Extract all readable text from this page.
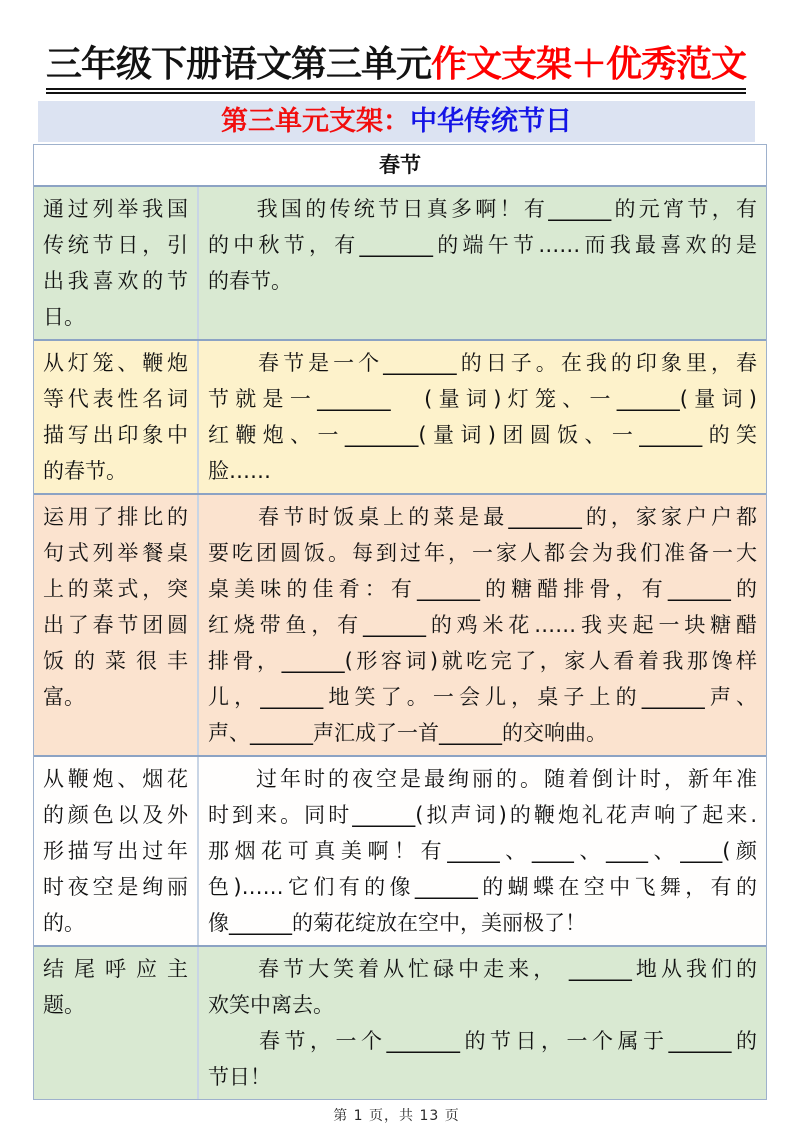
三年级下册语文第三单元作文支架＋优秀范文
第三单元支架：中华传统节日
春节
通过列举我国
传统节日，引
出我喜欢的节
日。
　　我国的传统节日真多啊！有______的元宵节，有
的中秋节，有_______的端午节……而我最喜欢的是
的春节。
从灯笼、鞭炮
等代表性名词
描写出印象中
的春节。
　　春节是一个_______的日子。在我的印象里，春
节就是一_______　(量词)灯笼、一______(量词)
红鞭炮、一_______(量词)团圆饭、一______的笑
脸……
运用了排比的
句式列举餐桌
上的菜式，突
出了春节团圆
饭的菜很丰
富。
　　春节时饭桌上的菜是最_______的，家家户户都
要吃团圆饭。每到过年，一家人都会为我们准备一大
桌美味的佳肴：有______的糖醋排骨，有______的
红烧带鱼，有______的鸡米花……我夹起一块糖醋
排骨，______(形容词)就吃完了，家人看着我那馋样
儿，______地笑了。一会儿，桌子上的______声、
声、______声汇成了一首______的交响曲。
从鞭炮、烟花
的颜色以及外
形描写出过年
时夜空是绚丽
的。
　　过年时的夜空是最绚丽的。随着倒计时，新年准
时到来。同时______(拟声词)的鞭炮礼花声响了起来.
那烟花可真美啊！有_____、____、____、____(颜
色)……它们有的像______的蝴蝶在空中飞舞，有的
像______的菊花绽放在空中，美丽极了！
结尾呼应主
题。
　　春节大笑着从忙碌中走来， ______地从我们的
欢笑中离去。
　　春节，一个_______的节日，一个属于______的
节日！
第 1 页，共 13 页
